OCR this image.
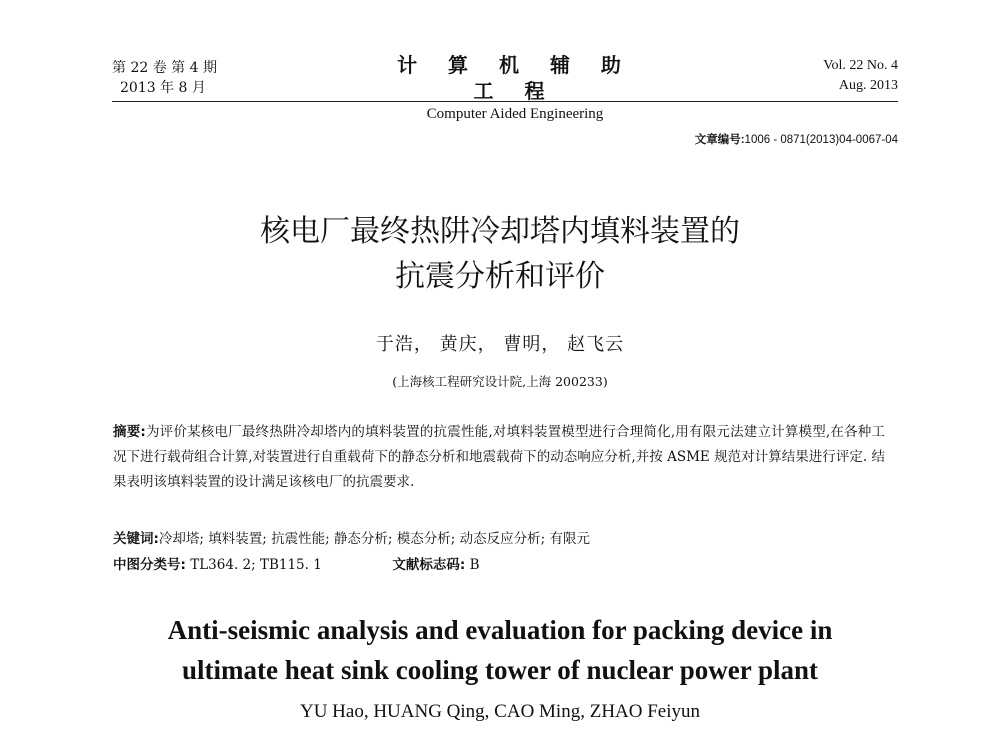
第 22 卷 第 4 期
2013 年 8 月
计 算 机 辅 助 工 程
Computer Aided Engineering
Vol. 22 No. 4
Aug. 2013
文章编号:1006 - 0871(2013)04-0067-04
核电厂最终热阱冷却塔内填料装置的
抗震分析和评价
于浩， 黄庆， 曹明， 赵飞云
(上海核工程研究设计院,上海 200233)
摘要:为评价某核电厂最终热阱冷却塔内的填料装置的抗震性能,对填料装置模型进行合理简化,用有限元法建立计算模型,在各种工况下进行载荷组合计算,对装置进行自重载荷下的静态分析和地震载荷下的动态响应分析,并按 ASME 规范对计算结果进行评定. 结果表明该填料装置的设计满足该核电厂的抗震要求.
关键词:冷却塔; 填料装置; 抗震性能; 静态分析; 模态分析; 动态反应分析; 有限元
中图分类号: TL364. 2; TB115. 1	文献标志码: B
Anti-seismic analysis and evaluation for packing device in
ultimate heat sink cooling tower of nuclear power plant
YU Hao, HUANG Qing, CAO Ming, ZHAO Feiyun
